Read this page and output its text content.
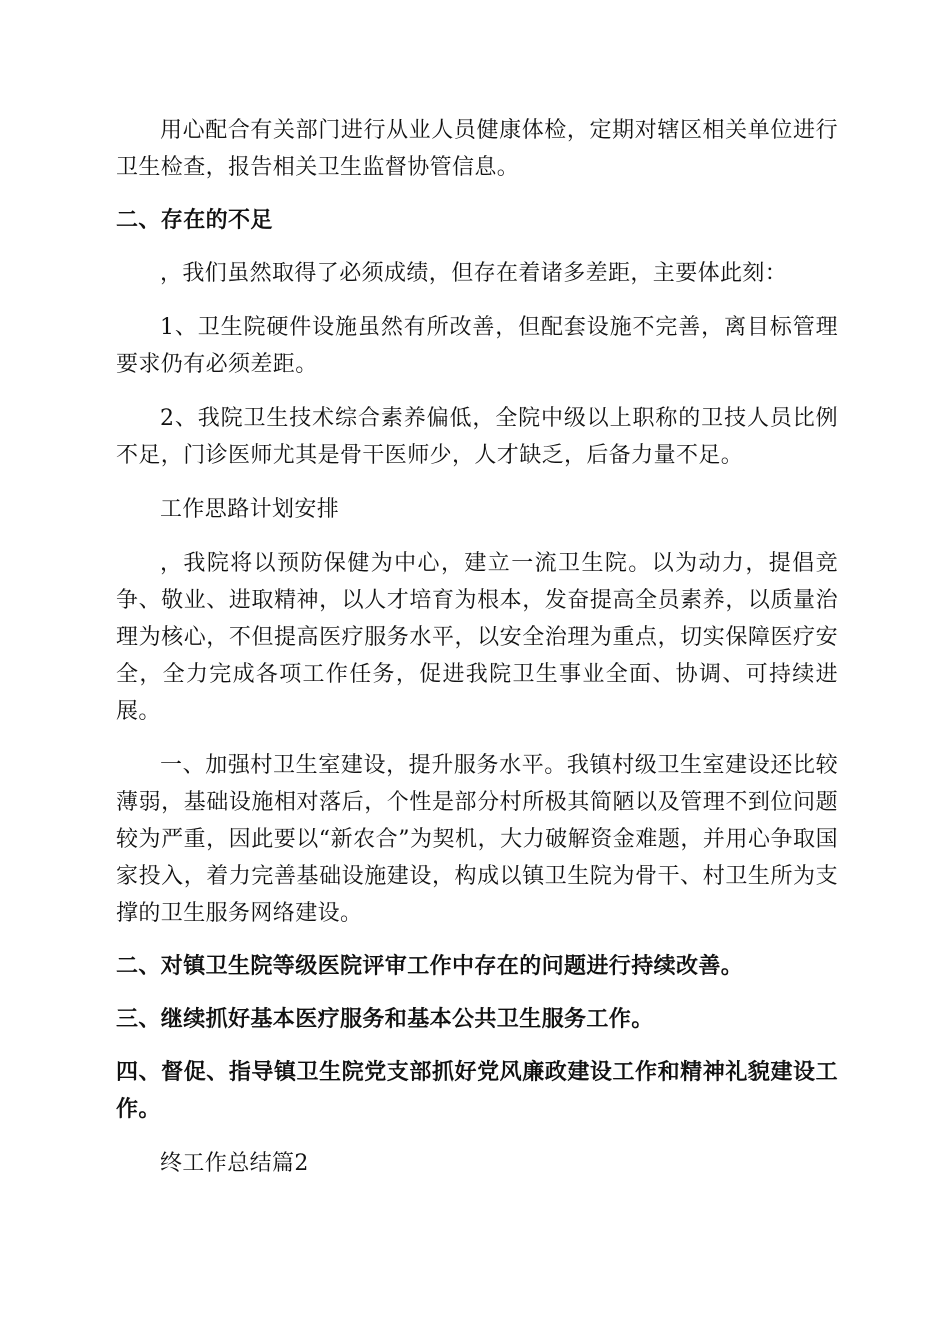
用心配合有关部门进行从业人员健康体检，定期对辖区相关单位进行卫生检查，报告相关卫生监督协管信息。

二、存在的不足

，我们虽然取得了必须成绩，但存在着诸多差距，主要体此刻：

1、卫生院硬件设施虽然有所改善，但配套设施不完善，离目标管理要求仍有必须差距。

2、我院卫生技术综合素养偏低，全院中级以上职称的卫技人员比例不足，门诊医师尤其是骨干医师少，人才缺乏，后备力量不足。

工作思路计划安排

，我院将以预防保健为中心，建立一流卫生院。以为动力，提倡竞争、敬业、进取精神，以人才培育为根本，发奋提高全员素养，以质量治理为核心，不但提高医疗服务水平，以安全治理为重点，切实保障医疗安全，全力完成各项工作任务，促进我院卫生事业全面、协调、可持续进展。

一、加强村卫生室建设，提升服务水平。我镇村级卫生室建设还比较薄弱，基础设施相对落后，个性是部分村所极其简陋以及管理不到位问题较为严重，因此要以“新农合”为契机，大力破解资金难题，并用心争取国家投入，着力完善基础设施建设，构成以镇卫生院为骨干、村卫生所为支撑的卫生服务网络建设。

二、对镇卫生院等级医院评审工作中存在的问题进行持续改善。

三、继续抓好基本医疗服务和基本公共卫生服务工作。

四、督促、指导镇卫生院党支部抓好党风廉政建设工作和精神礼貌建设工作。

终工作总结篇2
